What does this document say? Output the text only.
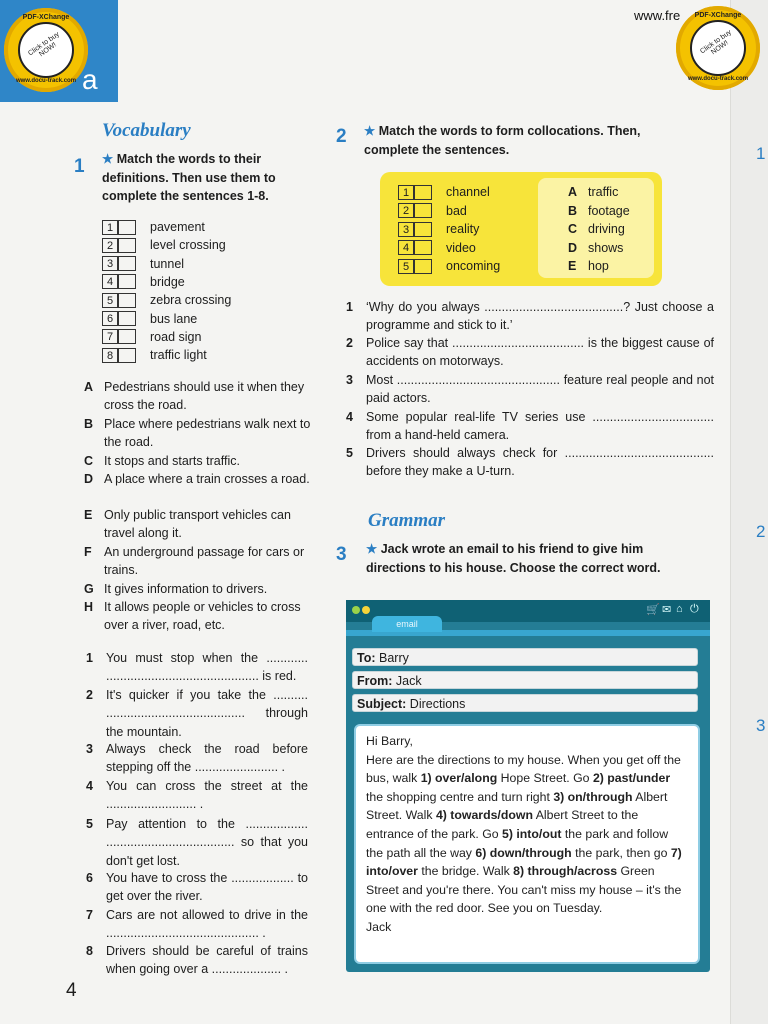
a
www.fre
PDF-XChange
Click to buy NOW!
www.docu-track.com
PDF-XChange
Click to buy NOW!
www.docu-track.com
Vocabulary
1 ★ Match the words to their definitions. Then use them to complete the sentences 1-8.
1	pavement
2	level crossing
3	tunnel
4	bridge
5	zebra crossing
6	bus lane
7	road sign
8	traffic light
A Pedestrians should use it when they cross the road.
B Place where pedestrians walk next to the road.
C It stops and starts traffic.
D A place where a train crosses a road.
E Only public transport vehicles can travel along it.
F An underground passage for cars or trains.
G It gives information to drivers.
H It allows people or vehicles to cross over a river, road, etc.
1 You must stop when the ............ ............................................ is red.
2 It's quicker if you take the .......... ........................................ through the mountain.
3 Always check the road before stepping off the ........................ .
4 You can cross the street at the .......................... .
5 Pay attention to the .................. ..................................... so that you don't get lost.
6 You have to cross the .................. to get over the river.
7 Cars are not allowed to drive in the ............................................ .
8 Drivers should be careful of trains when going over a .................... .
2 ★ Match the words to form collocations. Then, complete the sentences.
1	channel
2	bad
3	reality
4	video
5	oncoming
A traffic
B footage
C driving
D shows
E hop
1 ‘Why do you always ........................................? Just choose a programme and stick to it.’
2 Police say that ...................................... is the biggest cause of accidents on motorways.
3 Most ............................................... feature real people and not paid actors.
4 Some popular real-life TV series use ................................... from a hand-held camera.
5 Drivers should always check for ........................................... before they make a U-turn.
Grammar
3 ★ Jack wrote an email to his friend to give him directions to his house. Choose the correct word.
🛒 ✉ ⌂ ⏻
email
To: Barry
From: Jack
Subject: Directions
Hi Barry,
Here are the directions to my house. When you get off the bus, walk 1) over/along Hope Street. Go 2) past/under the shopping centre and turn right 3) on/through Albert Street. Walk 4) towards/down Albert Street to the entrance of the park. Go 5) into/out the park and follow the path all the way 6) down/through the park, then go 7) into/over the bridge. Walk 8) through/across Green Street and you're there. You can't miss my house – it's the one with the red door. See you on Tuesday.
Jack
4
1
2
3
